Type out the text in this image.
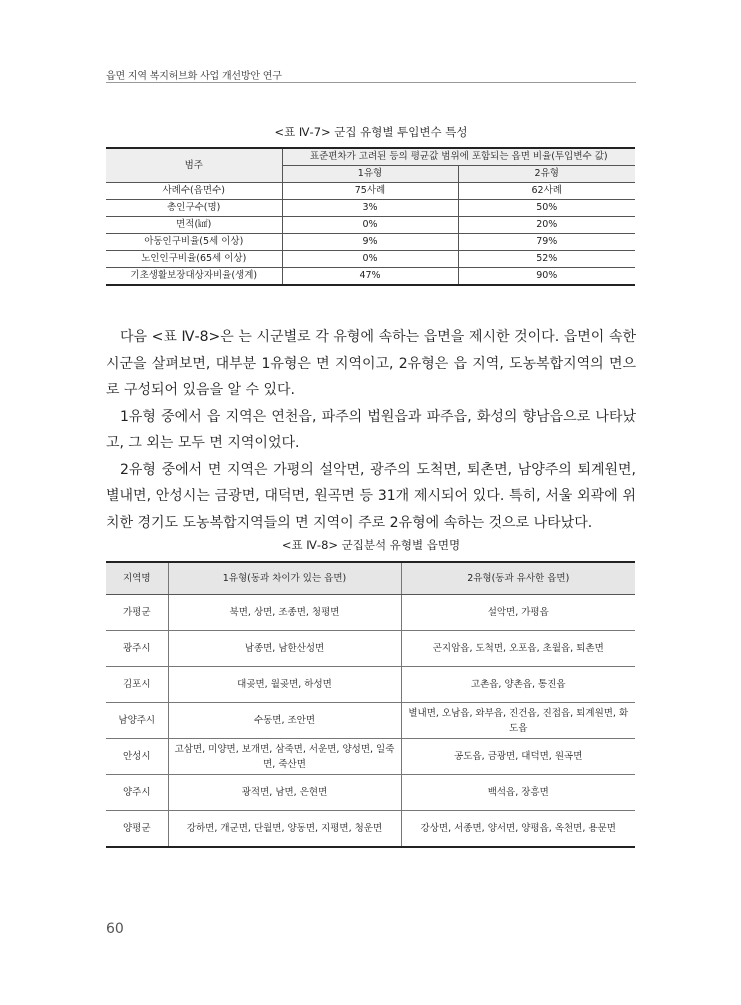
읍면 지역 복지허브화 사업 개선방안 연구
<표 Ⅳ-7> 군집 유형별 투입변수 특성
범주	표준편차가 고려된 등의 평균값 범위에 포함되는 읍면 비율(투입변수 값)	
	1유형	2유형
사례수(읍면수)	75사례	62사례
총인구수(명)	3%	50%
면적(㎢)	0%	20%
아동인구비율(5세 이상)	9%	79%
노인인구비율(65세 이상)	0%	52%
기초생활보장대상자비율(생계)	47%	90%

다음 <표 Ⅳ-8>은 는 시군별로 각 유형에 속하는 읍면을 제시한 것이다. 읍면이 속한 시군을 살펴보면, 대부분 1유형은 면 지역이고, 2유형은 읍 지역, 도농복합지역의 면으로 구성되어 있음을 알 수 있다.

1유형 중에서 읍 지역은 연천읍, 파주의 법원읍과 파주읍, 화성의 향남읍으로 나타났고, 그 외는 모두 면 지역이었다.

2유형 중에서 면 지역은 가평의 설악면, 광주의 도척면, 퇴촌면, 남양주의 퇴계원면, 별내면, 안성시는 금광면, 대덕면, 원곡면 등 31개 제시되어 있다. 특히, 서울 외곽에 위치한 경기도 도농복합지역들의 면 지역이 주로 2유형에 속하는 것으로 나타났다.

<표 Ⅳ-8> 군집분석 유형별 읍면명
지역명	1유형(동과 차이가 있는 읍면)	2유형(동과 유사한 읍면)
가평군	북면, 상면, 조종면, 청평면	설악면, 가평읍
광주시	남종면, 남한산성면	곤지암읍, 도척면, 오포읍, 초월읍, 퇴촌면
김포시	대곶면, 월곶면, 하성면	고촌읍, 양촌읍, 통진읍
남양주시	수동면, 조안면	별내면, 오남읍, 와부읍, 진건읍, 진접읍, 퇴계원면, 화도읍
안성시	고삼면, 미양면, 보개면, 삼죽면, 서운면, 양성면, 일죽면, 죽산면	공도읍, 금광면, 대덕면, 원곡면
양주시	광적면, 남면, 은현면	백석읍, 장흥면
양평군	강하면, 개군면, 단월면, 양동면, 지평면, 청운면	강상면, 서종면, 양서면, 양평읍, 옥천면, 용문면
60
